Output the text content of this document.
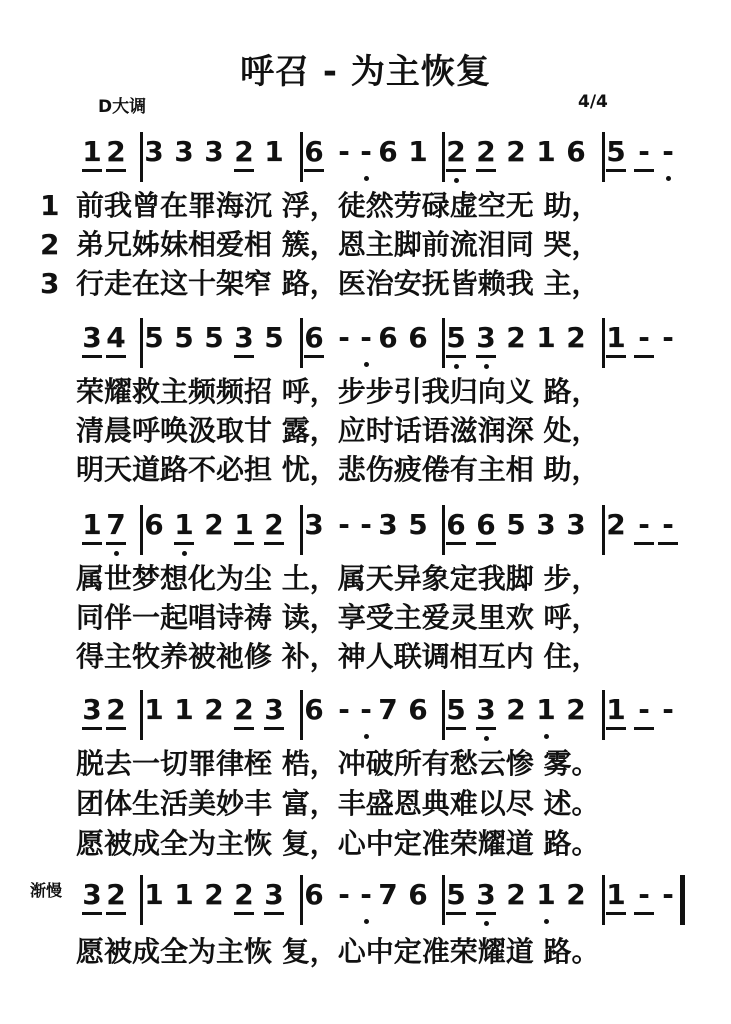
呼召 - 为主恢复
D大调	4/4
渐慢
1 2 3 3 3 2 1 6 - - 6 1 2 2 2 1 6 5 - -
1 前我曾在罪海沉 浮，徒然劳碌虚空无 助，
2 弟兄姊妹相爱相 簇，恩主脚前流泪同 哭，
3 行走在这十架窄 路，医治安抚皆赖我 主，
3 4 5 5 5 3 5 6 - - 6 6 5 3 2 1 2 1 - -
荣耀救主频频招 呼，步步引我归向义 路，
清晨呼唤汲取甘 露，应时话语滋润深 处，
明天道路不必担 忧，悲伤疲倦有主相 助，
1 7 6 1 2 1 2 3 - - 3 5 6 6 5 3 3 2 - -
属世梦想化为尘 土，属天异象定我脚 步，
同伴一起唱诗祷 读，享受主爱灵里欢 呼，
得主牧养被祂修 补，神人联调相互内 住，
3 2 1 1 2 2 3 6 - - 7 6 5 3 2 1 2 1 - -
脱去一切罪律桎 梏，冲破所有愁云惨 雾。
团体生活美妙丰 富，丰盛恩典难以尽 述。
愿被成全为主恢 复，心中定准荣耀道 路。
3 2 1 1 2 2 3 6 - - 7 6 5 3 2 1 2 1 - -
愿被成全为主恢 复，心中定准荣耀道 路。
